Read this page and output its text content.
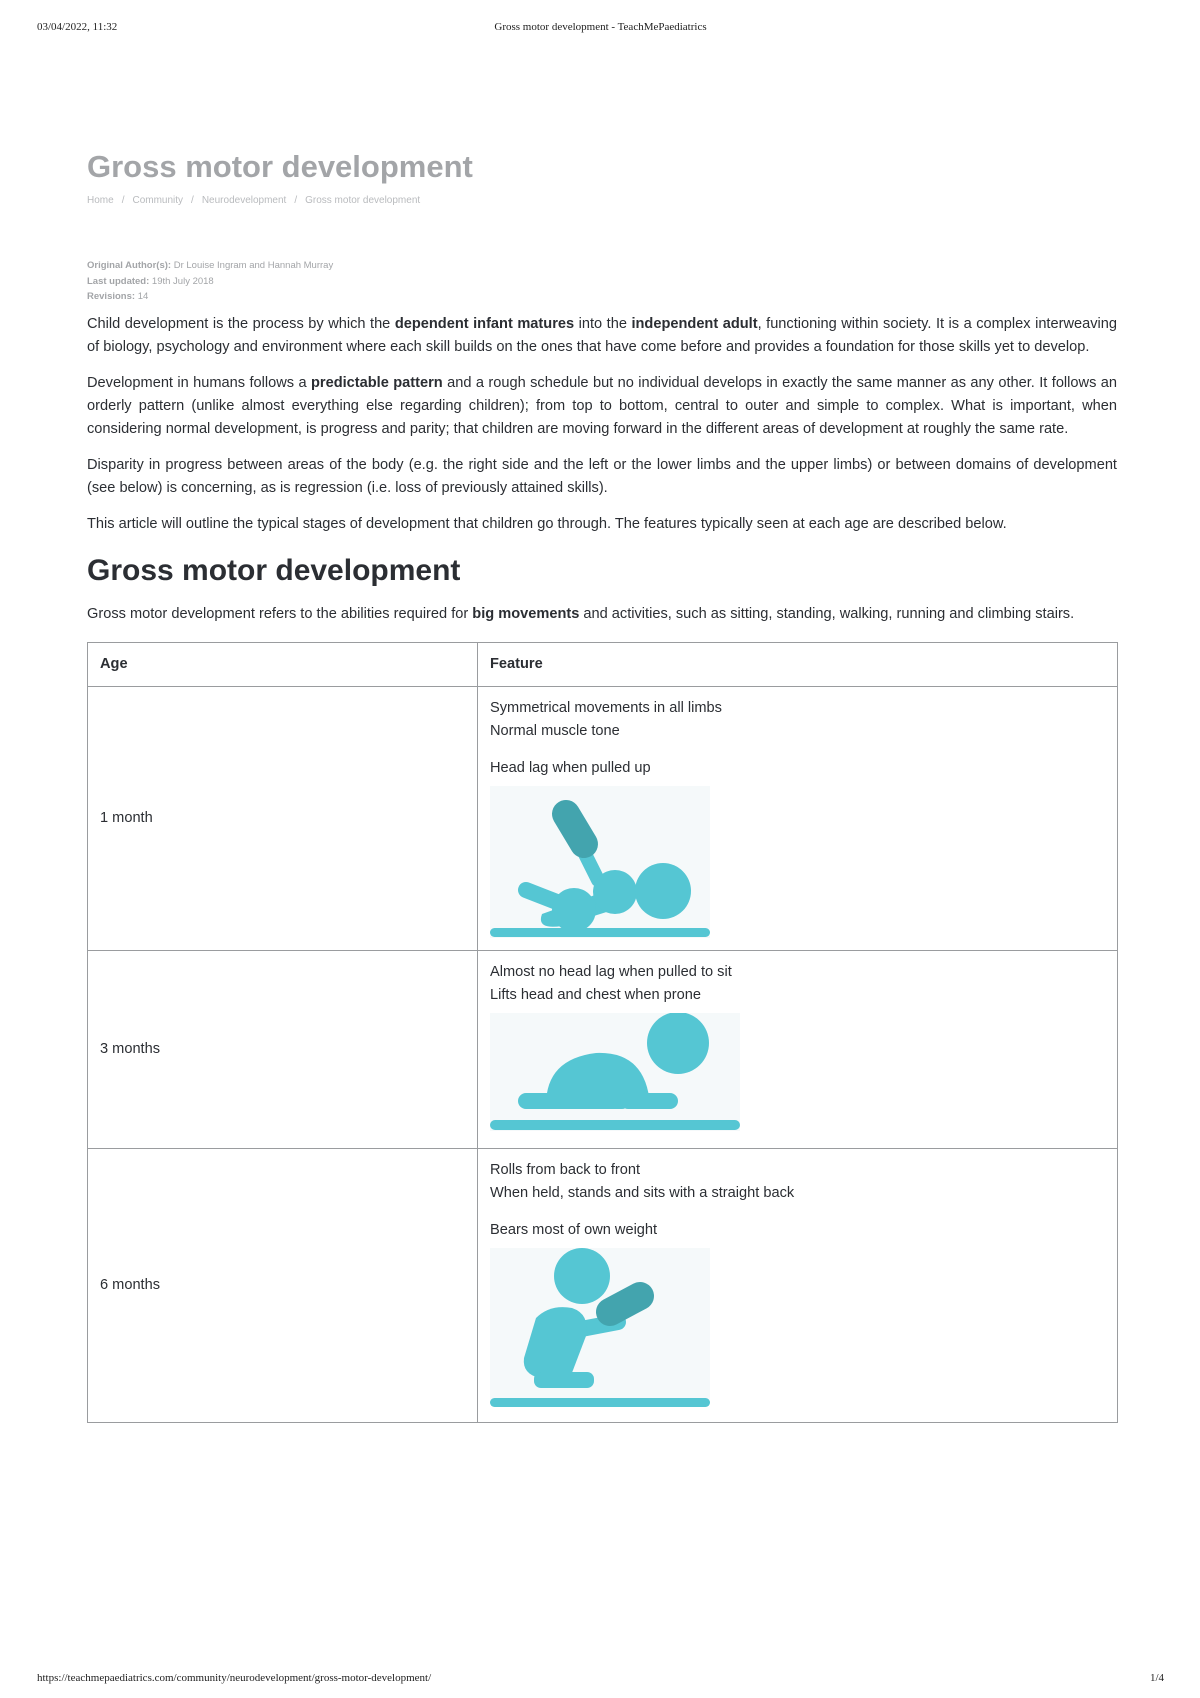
03/04/2022, 11:32	Gross motor development - TeachMePaediatrics
Gross motor development
Home / Community / Neurodevelopment / Gross motor development
Original Author(s): Dr Louise Ingram and Hannah Murray
Last updated: 19th July 2018
Revisions: 14

Child development is the process by which the dependent infant matures into the independent adult, functioning within society. It is a complex interweaving of biology, psychology and environment where each skill builds on the ones that have come before and provides a foundation for those skills yet to develop.

Development in humans follows a predictable pattern and a rough schedule but no individual develops in exactly the same manner as any other. It follows an orderly pattern (unlike almost everything else regarding children); from top to bottom, central to outer and simple to complex. What is important, when considering normal development, is progress and parity; that children are moving forward in the different areas of development at roughly the same rate.

Disparity in progress between areas of the body (e.g. the right side and the left or the lower limbs and the upper limbs) or between domains of development (see below) is concerning, as is regression (i.e. loss of previously attained skills).

This article will outline the typical stages of development that children go through. The features typically seen at each age are described below.

Gross motor development

Gross motor development refers to the abilities required for big movements and activities, such as sitting, standing, walking, running and climbing stairs.

Age	Feature
1 month	Symmetrical movements in all limbs
Normal muscle tone
Head lag when pulled up

3 months	Almost no head lag when pulled to sit
Lifts head and chest when prone

6 months	Rolls from back to front
When held, stands and sits with a straight back
Bears most of own weight
https://teachmepaediatrics.com/community/neurodevelopment/gross-motor-development/	1/4
